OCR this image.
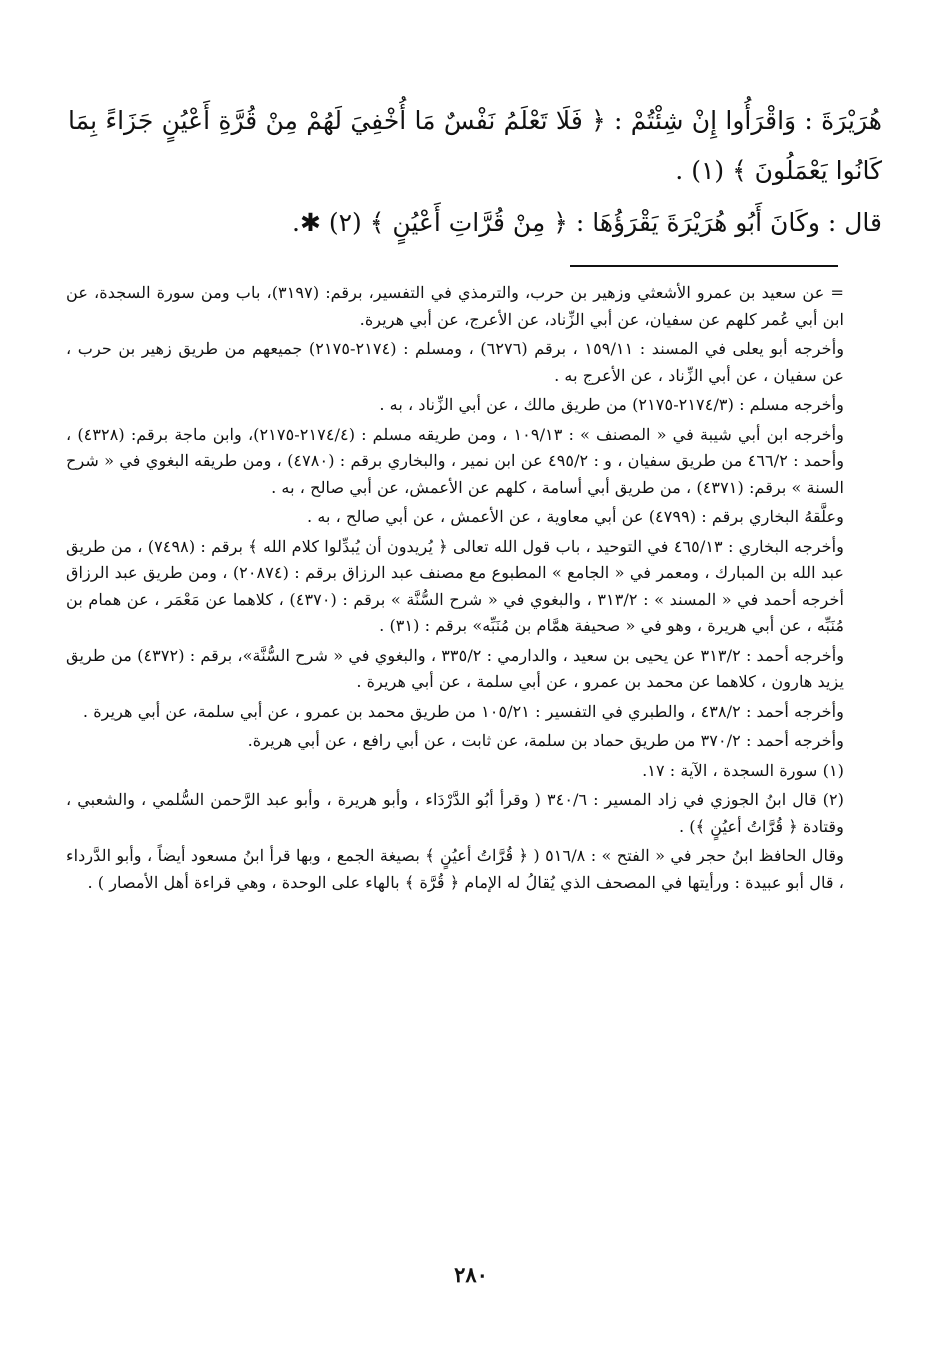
هُرَيْرَةَ : وَاقْرَأُوا إِنْ شِئْتُمْ : ﴿ فَلَا تَعْلَمُ نَفْسٌ مَا أُخْفِيَ لَهُمْ مِنْ قُرَّةِ أَعْيُنٍ جَزَاءً بِمَا كَانُوا يَعْمَلُونَ ﴾ (١) .

قال : وكَانَ أَبُو هُرَيْرَةَ يَقْرَؤُهَا : ﴿ مِنْ قُرَّاتِ أَعْيُنٍ ﴾ (٢) ✱.

= عن سعيد بن عمرو الأشعثي وزهير بن حرب، والترمذي في التفسير، برقم: (٣١٩٧)، باب ومن سورة السجدة، عن ابن أبي عُمر كلهم عن سفيان، عن أبي الزِّناد، عن الأعرج، عن أبي هريرة.

وأخرجه أبو يعلى في المسند : ١٥٩/١١ ، برقم (٦٢٧٦) ، ومسلم : (٢١٧٤-٢١٧٥) جميعهم من طريق زهير بن حرب ، عن سفيان ، عن أبي الزِّناد ، عن الأعرج به .

وأخرجه مسلم : (٢١٧٤/٣-٢١٧٥) من طريق مالك ، عن أبي الزِّناد ، به .

وأخرجه ابن أبي شيبة في « المصنف » : ١٠٩/١٣ ، ومن طريقه مسلم : (٢١٧٤/٤-٢١٧٥)، وابن ماجة برقم: (٤٣٢٨) ، وأحمد : ٤٦٦/٢ من طريق سفيان ، و : ٤٩٥/٢ عن ابن نمير ، والبخاري برقم : (٤٧٨٠) ، ومن طريقه البغوي في « شرح السنة » برقم: (٤٣٧١) ، من طريق أبي أسامة ، كلهم عن الأعمش، عن أبي صالح ، به .

وعلَّقهُ البخاري برقم : (٤٧٩٩) عن أبي معاوية ، عن الأعمش ، عن أبي صالح ، به .

وأخرجه البخاري : ٤٦٥/١٣ في التوحيد ، باب قول الله تعالى ﴿ يُريدون أن يُبدِّلوا كلام الله ﴾ برقم : (٧٤٩٨) ، من طريق عبد الله بن المبارك ، ومعمر في « الجامع » المطبوع مع مصنف عبد الرزاق برقم : (٢٠٨٧٤) ، ومن طريق عبد الرزاق أخرجه أحمد في « المسند » : ٣١٣/٢ ، والبغوي في « شرح السُّنَّة » برقم : (٤٣٧٠) ، كلاهما عن مَعْمَر ، عن همام بن مُنَبِّه ، عن أبي هريرة ، وهو في « صحيفة همَّام بن مُنَبِّه» برقم : (٣١) .

وأخرجه أحمد : ٣١٣/٢ عن يحيى بن سعيد ، والدارمي : ٣٣٥/٢ ، والبغوي في « شرح السُّنَّة»، برقم : (٤٣٧٢) من طريق يزيد هارون ، كلاهما عن محمد بن عمرو ، عن أبي سلمة ، عن أبي هريرة .

وأخرجه أحمد : ٤٣٨/٢ ، والطبري في التفسير : ١٠٥/٢١ من طريق محمد بن عمرو ، عن أبي سلمة، عن أبي هريرة .

وأخرجه أحمد : ٣٧٠/٢ من طريق حماد بن سلمة، عن ثابت ، عن أبي رافع ، عن أبي هريرة.

(١) سورة السجدة ، الآية : ١٧.

(٢) قال ابنُ الجوزي في زاد المسير : ٣٤٠/٦ ( وقرأ أبُو الدَّرْدَاء ، وأبو هريرة ، وأبو عبد الرَّحمن السُّلمي ، والشعبي ، وقتادة ﴿ قُرَّاتُ أعيُنٍ ﴾) .

وقال الحافظ ابنُ حجر في « الفتح » : ٥١٦/٨ ( ﴿ قُرَّاتُ أعيُنٍ ﴾ بصيغة الجمع ، وبها قرأ ابنُ مسعود أيضاً ، وأبو الدَّرداء ، قال أبو عبيدة : ورأيتها في المصحف الذي يُقالُ له الإمام ﴿ قُرَّة ﴾ بالهاء على الوحدة ، وهي قراءة أهل الأمصار ) .

٢٨٠
